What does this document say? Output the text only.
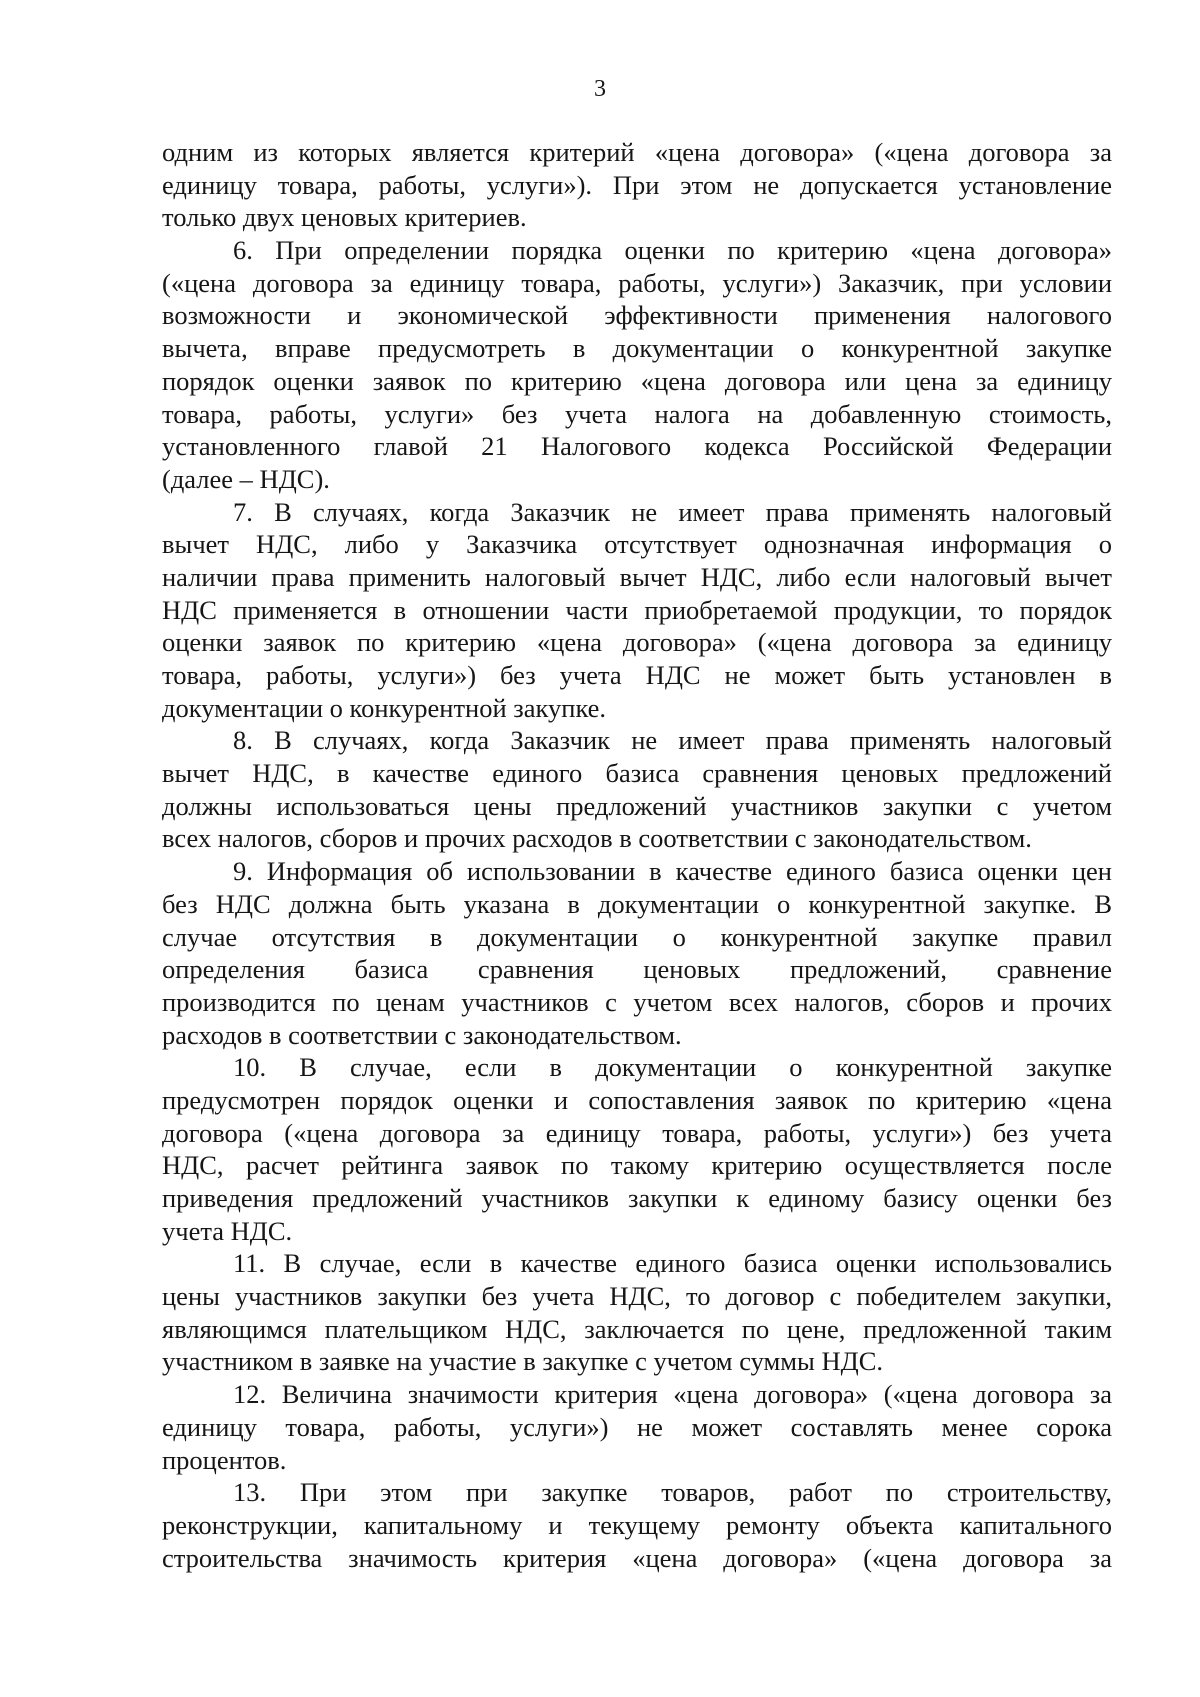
3
одним из которых является критерий «цена договора» («цена договора за
единицу товара, работы, услуги»). При этом не допускается установление
только двух ценовых критериев.
6. При определении порядка оценки по критерию «цена договора»
(«цена договора за единицу товара, работы, услуги») Заказчик, при условии
возможности и экономической эффективности применения налогового
вычета, вправе предусмотреть в документации о конкурентной закупке
порядок оценки заявок по критерию «цена договора или цена за единицу
товара, работы, услуги» без учета налога на добавленную стоимость,
установленного главой 21 Налогового кодекса Российской Федерации
(далее – НДС).
7. В случаях, когда Заказчик не имеет права применять налоговый
вычет НДС, либо у Заказчика отсутствует однозначная информация о
наличии права применить налоговый вычет НДС, либо если налоговый вычет
НДС применяется в отношении части приобретаемой продукции, то порядок
оценки заявок по критерию «цена договора» («цена договора за единицу
товара, работы, услуги») без учета НДС не может быть установлен в
документации о конкурентной закупке.
8. В случаях, когда Заказчик не имеет права применять налоговый
вычет НДС, в качестве единого базиса сравнения ценовых предложений
должны использоваться цены предложений участников закупки с учетом
всех налогов, сборов и прочих расходов в соответствии с законодательством.
9. Информация об использовании в качестве единого базиса оценки цен
без НДС должна быть указана в документации о конкурентной закупке. В
случае отсутствия в документации о конкурентной закупке правил
определения базиса сравнения ценовых предложений, сравнение
производится по ценам участников с учетом всех налогов, сборов и прочих
расходов в соответствии с законодательством.
10. В случае, если в документации о конкурентной закупке
предусмотрен порядок оценки и сопоставления заявок по критерию «цена
договора («цена договора за единицу товара, работы, услуги») без учета
НДС, расчет рейтинга заявок по такому критерию осуществляется после
приведения предложений участников закупки к единому базису оценки без
учета НДС.
11. В случае, если в качестве единого базиса оценки использовались
цены участников закупки без учета НДС, то договор с победителем закупки,
являющимся плательщиком НДС, заключается по цене, предложенной таким
участником в заявке на участие в закупке с учетом суммы НДС.
12. Величина значимости критерия «цена договора» («цена договора за
единицу товара, работы, услуги») не может составлять менее сорока
процентов.
13. При этом при закупке товаров, работ по строительству,
реконструкции, капитальному и текущему ремонту объекта капитального
строительства значимость критерия «цена договора» («цена договора за
